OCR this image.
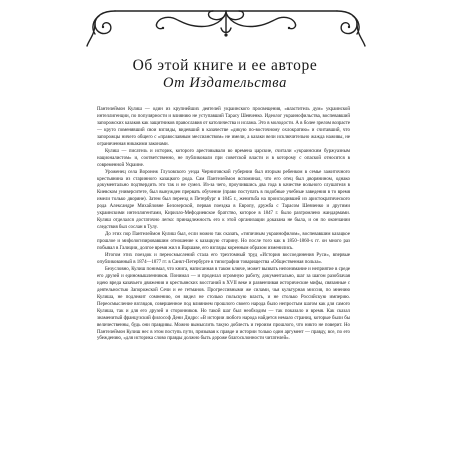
Об этой книге и ее авторе
От Издательства

Пантелеймон Кулиш — один из крупнейших деятелей украинского просвещения, «властитель дум» украинской интеллигенции, по популярности и влиянию не уступавший Тарасу Шевченко. Идеолог украинофильства, воспевавший запорожских казаков как защитников православия от католичества и ислама. Это в молодости. А в более зрелом возрасте — круто поменявший свои взгляды, видевший в казачестве «дикую по-восточному охлократию» и считавший, что запорожцы ничего общего с «православным мессианством» не имели, а казаки вели исключительно жажда наживы, не ограниченная никакими законами.

Кулиш — писатель и историк, которого арестовывали во времена царские, считали «украинским буржуазным националистом» и, соответственно, не публиковали при советской власти и в которому с опаской относятся в современной Украине.

Уроженец села Воронеж Глуховского уезда Черниговской губернии был вторым ребенком в семье зажиточного крестьянина из старинного казацкого рода. Сам Пантелеймон вспоминал, что его отец был дворянином, однако документально подтвердить это так и не сумел. Из-за чего, проучившись два года в качестве вольного слушателя в Киевском университете, был вынужден прервать обучение (право поступать в подобные учебные заведения в то время имели только дворяне). Затем был переезд в Петербург в 1845 г., женитьба на происходившей из аристократического рода Александре Михайловне Белозерской, первая поездка в Европу, дружба с Тарасом Шевченко и другими украинскими интеллигентами, Кирилло-Мефодиевское братство, которое в 1847 г. было разгромлено жандармами. Кулиш отделался достаточно легко: принадлежность его к этой организации доказана не была, и он по окончании следствия был сослан в Тулу.

До этих пор Пантелеймон Кулиш был, если можно так сказать, «типичным украинофилом», воспевавшим казацкое прошлое и мифологизировавшим отношение к казацкую старину. Но после того как в 1850–1860-х гг. он много раз побывал в Галиции, долгое время жил в Варшаве, его взгляды коренным образом изменились.

Итогом этих поездок и переосмыслений стала его трехтомный труд «История воссоединения Руси», впервые опубликованный в 1874—1877 гг. в Санкт-Петербурге в типографии товарищества «Общественная польза».

Безусловно, Кулиш понимал, что книга, написанная в таком ключе, может вызвать непонимание и неприятие в среде его друзей и единомышленников. Понимал — и проделал огромную работу, документально, шаг за шагом разоблачая идею вреда казачьего движения и крестьянских восстаний в XVII веке и развенчивая исторические мифы, связанные с деятельностью Запорожской Сечи и ее гетманов. Прогрессивными же силами, чья культурная миссия, по мнению Кулиша, не подлежит сомнению, он видел не столько польскую власть, и не столько Российскую империю. Переосмысление взглядов, совершенное под влиянием прошлого своего народа было непростым шагом как для самого Кулиша, так и для его друзей и сторонников. Но такой шаг был необходим — так показало и время. Как сказал знаменитый французский философ Дени Дидро: «В истории любого народа найдется немало страниц, которые были бы величественны, будь они правдивы. Можно вымыслить такую доблесть и героизм прошлого, что никто не поверит. Но Пантелеймон Кулиш нес в этом поступь пути, призывая к правде и истории только один аргумент — правду, все, по его убеждению, «для историка слово правды должно быть дороже благосклонности читателей».
